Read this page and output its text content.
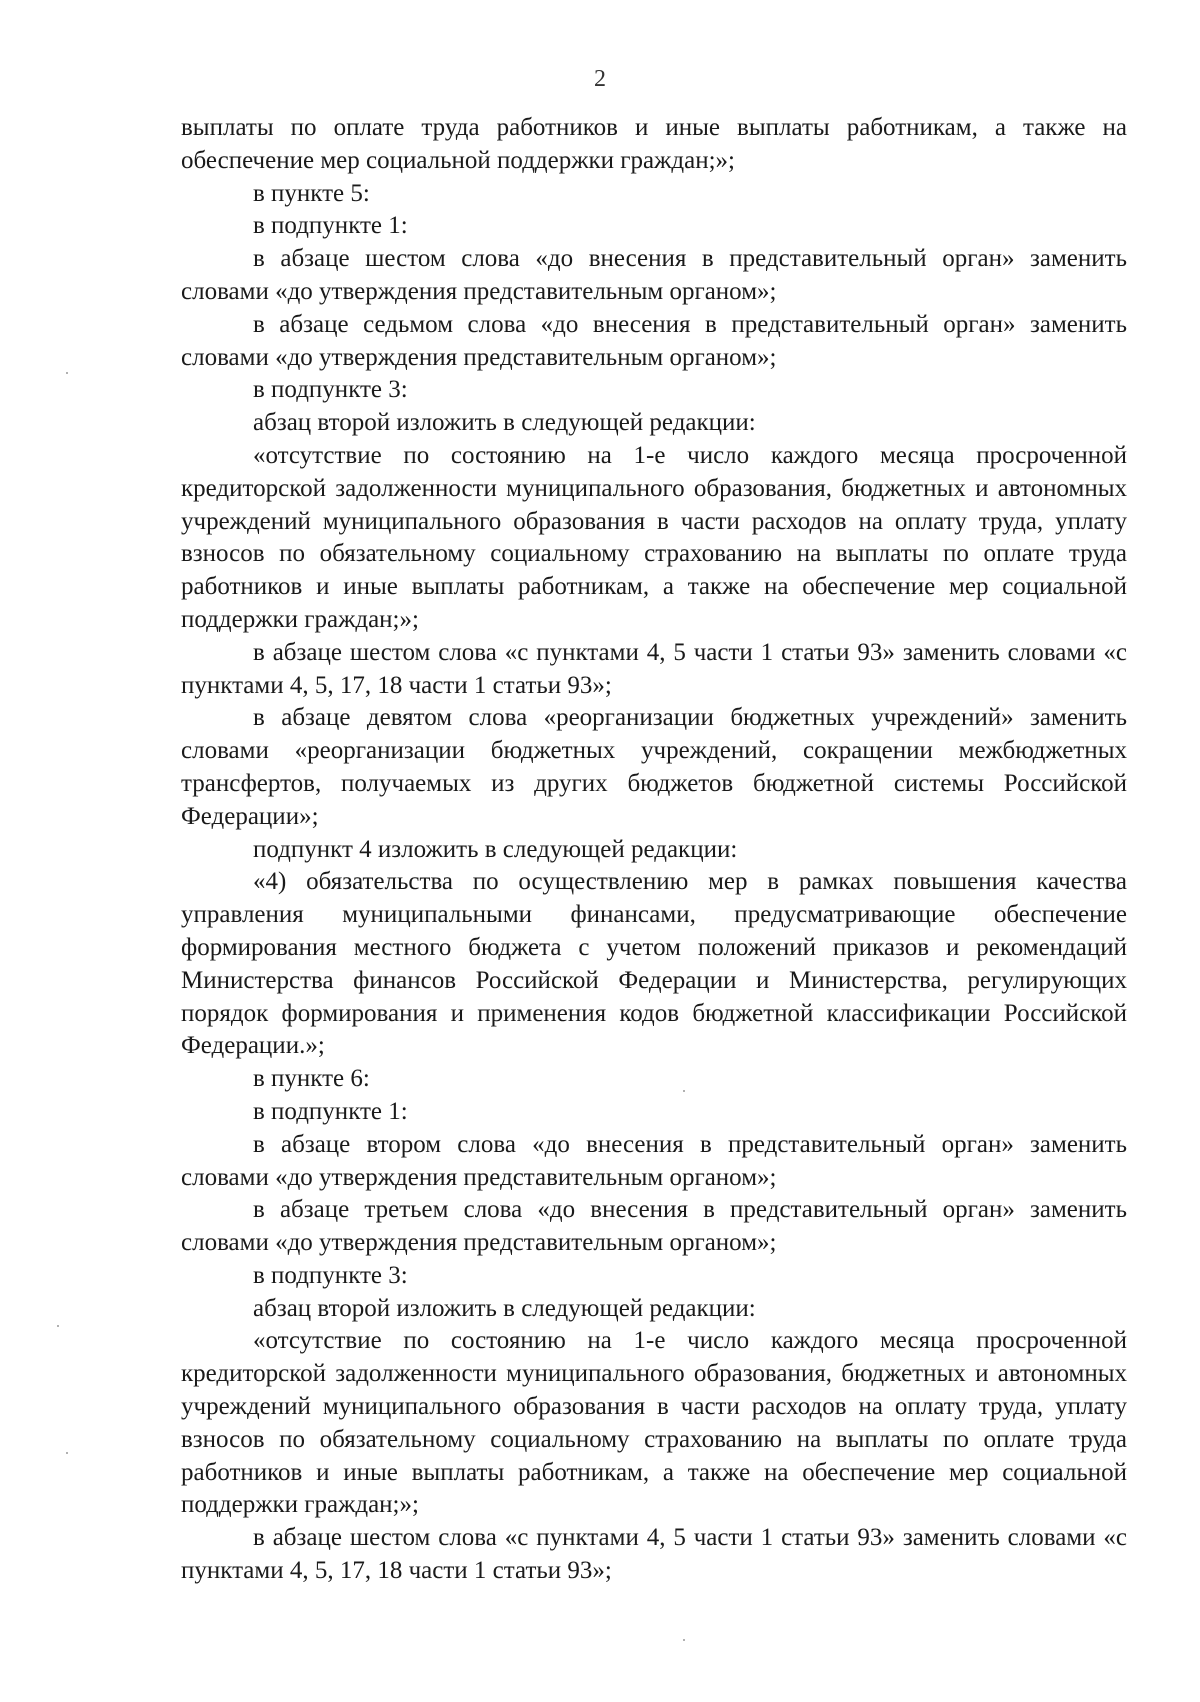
2

выплаты по оплате труда работников и иные выплаты работникам, а также на обеспечение мер социальной поддержки граждан;»;

в пункте 5:

в подпункте 1:

в абзаце шестом слова «до внесения в представительный орган» заменить словами «до утверждения представительным органом»;

в абзаце седьмом слова «до внесения в представительный орган» заменить словами «до утверждения представительным органом»;

в подпункте 3:

абзац второй изложить в следующей редакции:

«отсутствие по состоянию на 1-е число каждого месяца просроченной кредиторской задолженности муниципального образования, бюджетных и автономных учреждений муниципального образования в части расходов на оплату труда, уплату взносов по обязательному социальному страхованию на выплаты по оплате труда работников и иные выплаты работникам, а также на обеспечение мер социальной поддержки граждан;»;

в абзаце шестом слова «с пунктами 4, 5 части 1 статьи 93» заменить словами «с пунктами 4, 5, 17, 18 части 1 статьи 93»;

в абзаце девятом слова «реорганизации бюджетных учреждений» заменить словами «реорганизации бюджетных учреждений, сокращении межбюджетных трансфертов, получаемых из других бюджетов бюджетной системы Российской Федерации»;

подпункт 4 изложить в следующей редакции:

«4) обязательства по осуществлению мер в рамках повышения качества управления муниципальными финансами, предусматривающие обеспечение формирования местного бюджета с учетом положений приказов и рекомендаций Министерства финансов Российской Федерации и Министерства, регулирующих порядок формирования и применения кодов бюджетной классификации Российской Федерации.»;

в пункте 6:

в подпункте 1:

в абзаце втором слова «до внесения в представительный орган» заменить словами «до утверждения представительным органом»;

в абзаце третьем слова «до внесения в представительный орган» заменить словами «до утверждения представительным органом»;

в подпункте 3:

абзац второй изложить в следующей редакции:

«отсутствие по состоянию на 1-е число каждого месяца просроченной кредиторской задолженности муниципального образования, бюджетных и автономных учреждений муниципального образования в части расходов на оплату труда, уплату взносов по обязательному социальному страхованию на выплаты по оплате труда работников и иные выплаты работникам, а также на обеспечение мер социальной поддержки граждан;»;

в абзаце шестом слова «с пунктами 4, 5 части 1 статьи 93» заменить словами «с пунктами 4, 5, 17, 18 части 1 статьи 93»;
